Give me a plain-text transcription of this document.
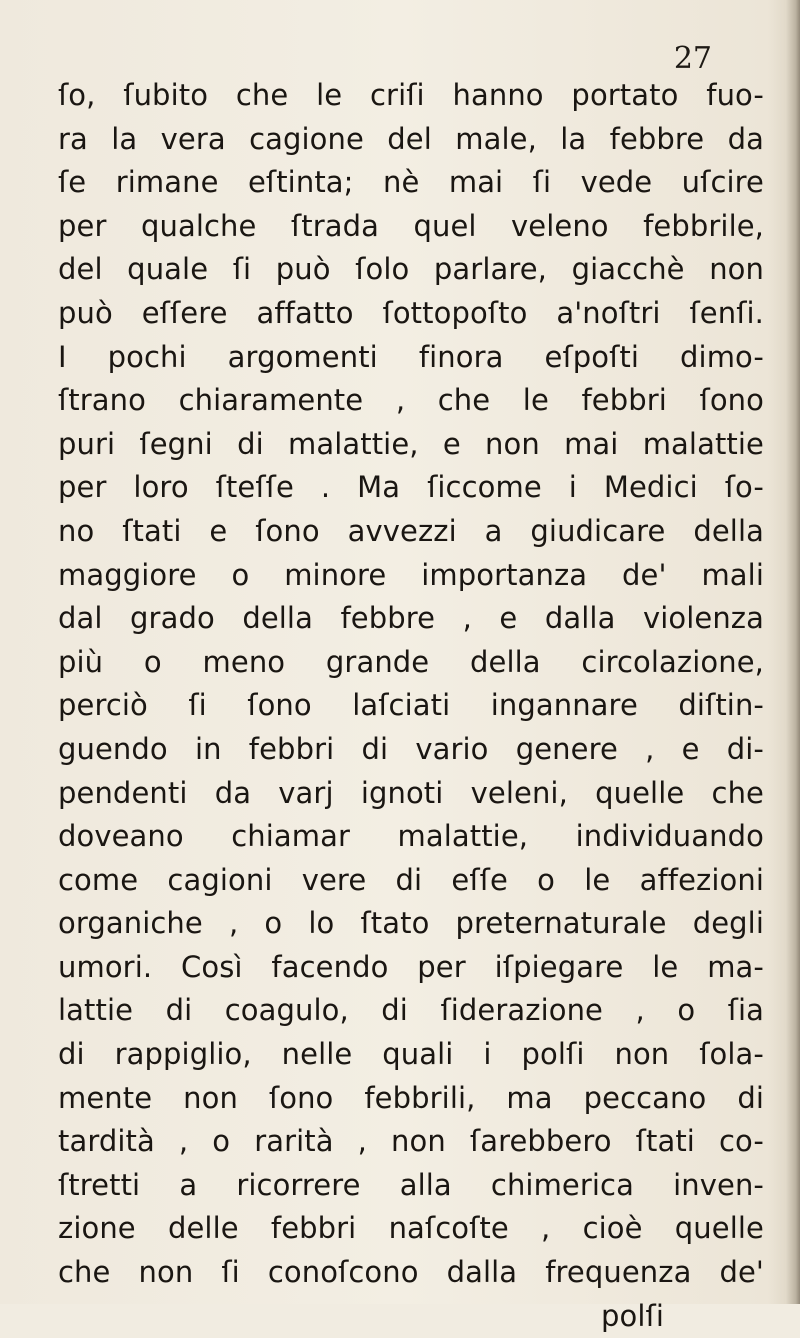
27
ſo, ſubito che le criſi hanno portato fuo-
ra la vera cagione del male, la febbre da
ſe rimane eſtinta; nè mai ſi vede uſcire
per qualche ſtrada quel veleno febbrile,
del quale ſi può ſolo parlare, giacchè non
può eſſere affatto ſottopoſto a'noſtri ſenſi.
I pochi argomenti finora eſpoſti dimo-
ſtrano chiaramente , che le febbri ſono
puri ſegni di malattie, e non mai malattie
per loro ſteſſe . Ma ſiccome i Medici ſo-
no ſtati e ſono avvezzi a giudicare della
maggiore o minore importanza de' mali
dal grado della febbre , e dalla violenza
più o meno grande della circolazione,
perciò ſi ſono laſciati ingannare diſtin-
guendo in febbri di vario genere , e di-
pendenti da varj ignoti veleni, quelle che
doveano chiamar malattie, individuando
come cagioni vere di eſſe o le affezioni
organiche , o lo ſtato preternaturale degli
umori. Così facendo per iſpiegare le ma-
lattie di coagulo, di ſiderazione , o ſia
di rappiglio, nelle quali i polſi non ſola-
mente non ſono febbrili, ma peccano di
tardità , o rarità , non ſarebbero ſtati co-
ſtretti a ricorrere alla chimerica inven-
zione delle febbri naſcoſte , cioè quelle
che non ſi conoſcono dalla frequenza de'
polſi
